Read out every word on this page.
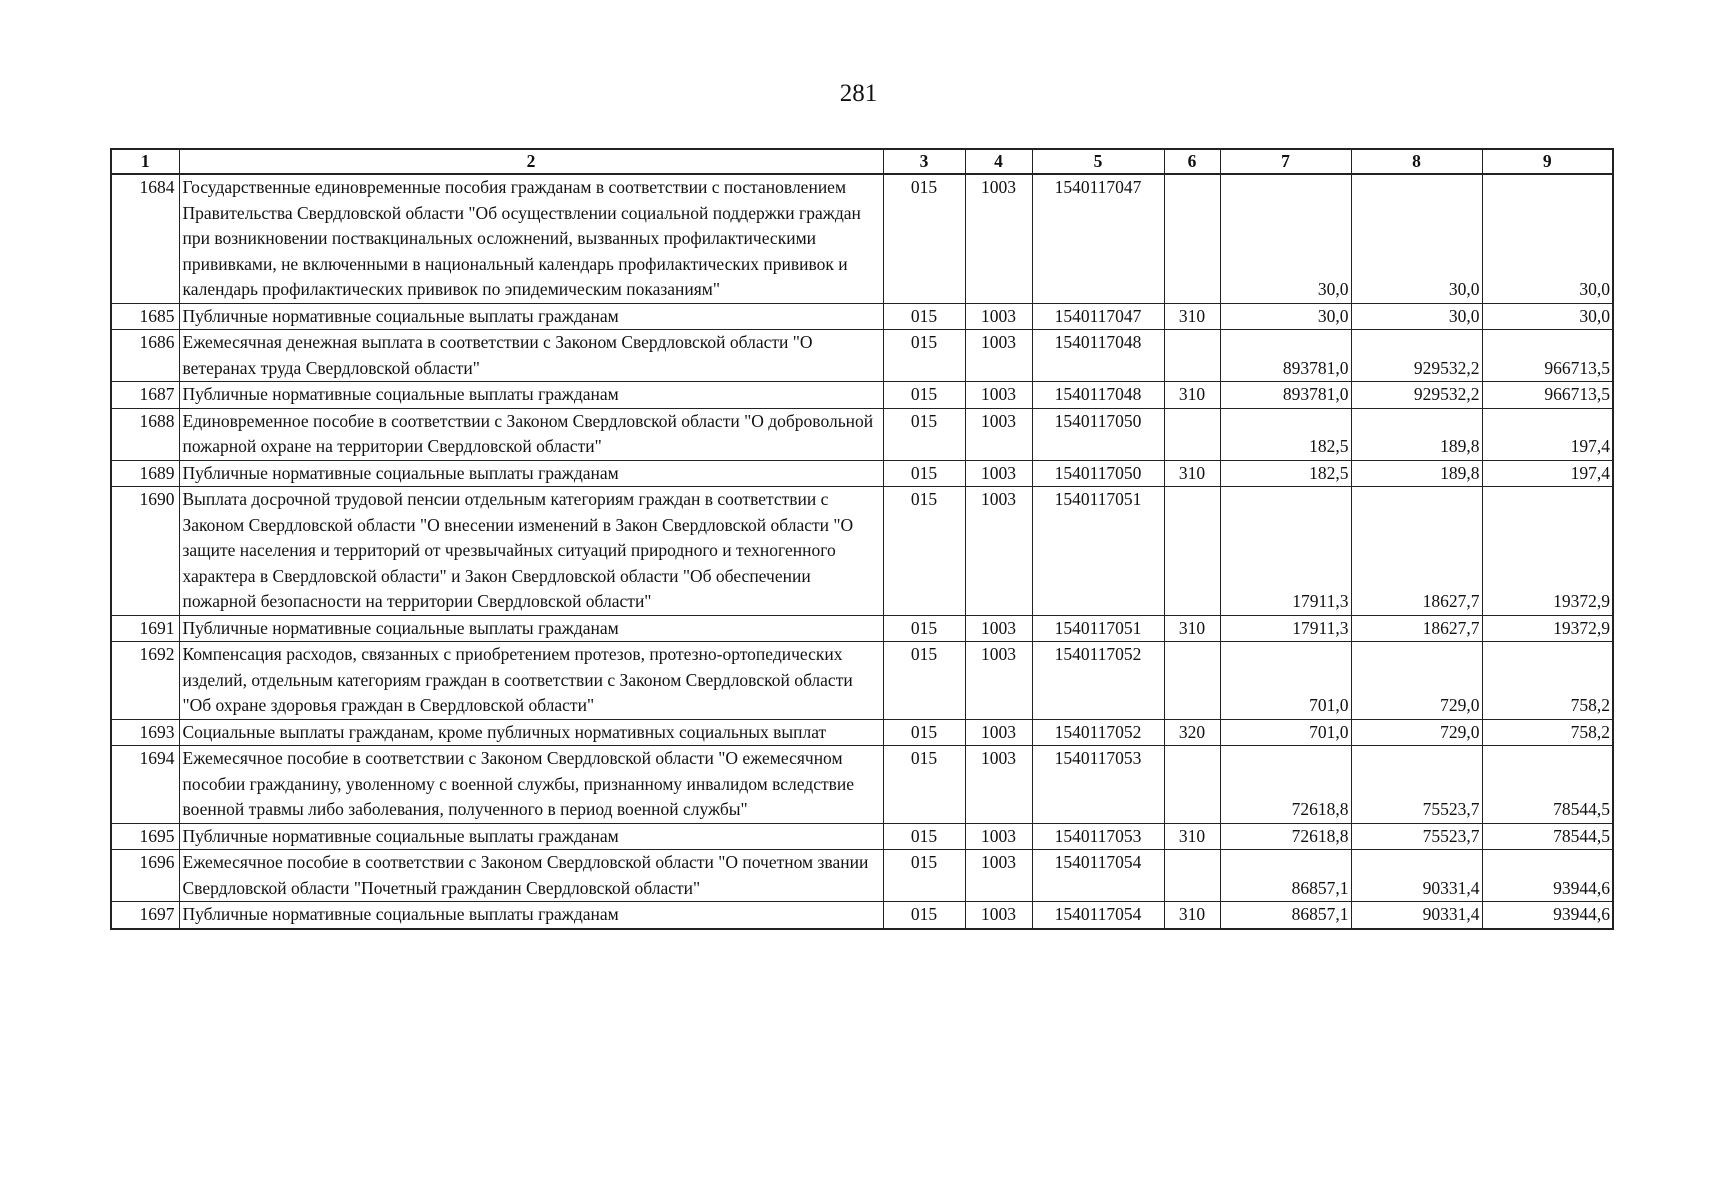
281
1	2	3	4	5	6	7	8	9
1684	Государственные единовременные пособия гражданам в соответствии с постановлением Правительства Свердловской области "Об осуществлении социальной поддержки граждан при возникновении поствакцинальных осложнений, вызванных профилактическими прививками, не включенными в национальный календарь профилактических прививок и календарь профилактических прививок по эпидемическим показаниям"	015	1003	1540117047		30,0	30,0	30,0
1685	Публичные нормативные социальные выплаты гражданам	015	1003	1540117047	310	30,0	30,0	30,0
1686	Ежемесячная денежная выплата в соответствии с Законом Свердловской области "О ветеранах труда Свердловской области"	015	1003	1540117048		893781,0	929532,2	966713,5
1687	Публичные нормативные социальные выплаты гражданам	015	1003	1540117048	310	893781,0	929532,2	966713,5
1688	Единовременное пособие в соответствии с Законом Свердловской области "О добровольной пожарной охране на территории Свердловской области"	015	1003	1540117050		182,5	189,8	197,4
1689	Публичные нормативные социальные выплаты гражданам	015	1003	1540117050	310	182,5	189,8	197,4
1690	Выплата досрочной трудовой пенсии отдельным категориям граждан в соответствии с Законом Свердловской области "О внесении изменений в Закон Свердловской области "О защите населения и территорий от чрезвычайных ситуаций природного и техногенного характера в Свердловской области" и Закон Свердловской области "Об обеспечении пожарной безопасности на территории Свердловской области"	015	1003	1540117051		17911,3	18627,7	19372,9
1691	Публичные нормативные социальные выплаты гражданам	015	1003	1540117051	310	17911,3	18627,7	19372,9
1692	Компенсация расходов, связанных с приобретением протезов, протезно-ортопедических изделий, отдельным категориям граждан в соответствии с Законом Свердловской области "Об охране здоровья граждан в Свердловской области"	015	1003	1540117052		701,0	729,0	758,2
1693	Социальные выплаты гражданам, кроме публичных нормативных социальных выплат	015	1003	1540117052	320	701,0	729,0	758,2
1694	Ежемесячное пособие в соответствии с Законом Свердловской области "О ежемесячном пособии гражданину, уволенному с военной службы, признанному инвалидом вследствие военной травмы либо заболевания, полученного в период военной службы"	015	1003	1540117053		72618,8	75523,7	78544,5
1695	Публичные нормативные социальные выплаты гражданам	015	1003	1540117053	310	72618,8	75523,7	78544,5
1696	Ежемесячное пособие в соответствии с Законом Свердловской области "О почетном звании Свердловской области "Почетный гражданин Свердловской области"	015	1003	1540117054		86857,1	90331,4	93944,6
1697	Публичные нормативные социальные выплаты гражданам	015	1003	1540117054	310	86857,1	90331,4	93944,6
